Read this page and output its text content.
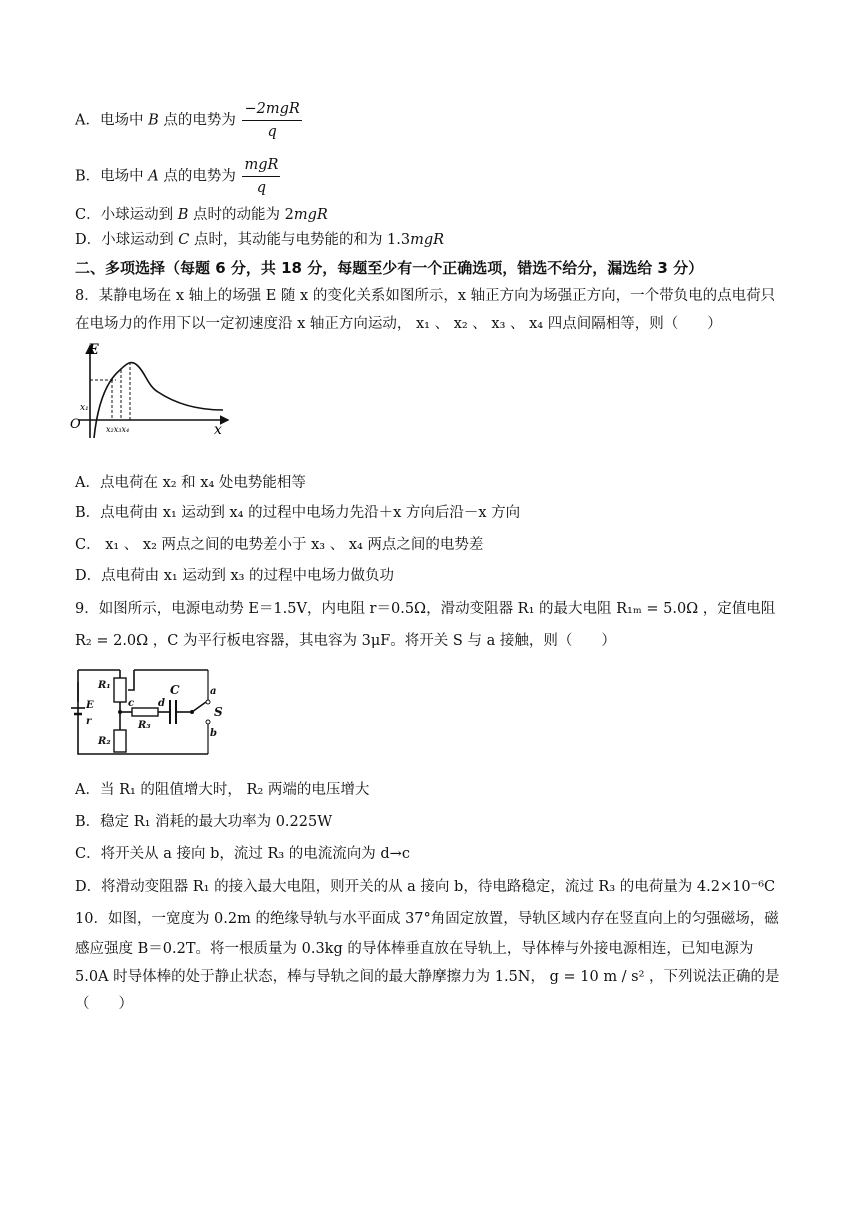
A．电场中 B 点的电势为 $\frac{\text{−2mgR}}{q}$
B．电场中 A 点的电势为 $\frac{\text{mgR}}{q}$
C．小球运动到 B 点时的动能为 2mgR
D．小球运动到 C 点时，其动能与电势能的和为 1.3mgR
二、多项选择（每题 6 分，共 18 分，每题至少有一个正确选项，错选不给分，漏选给 3 分）
8．某静电场在 x 轴上的场强 E 随 x 的变化关系如图所示，x 轴正方向为场强正方向，一个带负电的点电荷只
在电场力的作用下以一定初速度沿 x 轴正方向运动， x₁ 、 x₂ 、 x₃ 、 x₄ 四点间隔相等，则（　　）
E
O	x
x₁
x₂x₃x₄
A．点电荷在 x₂ 和 x₄ 处电势能相等
B．点电荷由 x₁ 运动到 x₄ 的过程中电场力先沿＋x 方向后沿－x 方向
C． x₁ 、 x₂ 两点之间的电势差小于 x₃ 、 x₄ 两点之间的电势差
D．点电荷由 x₁ 运动到 x₃ 的过程中电场力做负功
9．如图所示，电源电动势 E＝1.5V，内电阻 r＝0.5Ω，滑动变阻器 R₁ 的最大电阻 R₁ₘ = 5.0Ω ，定值电阻
R₂ = 2.0Ω ，C 为平行板电容器，其电容为 3μF。将开关 S 与 a 接触，则（　　）
R₁
R₂
R₃
E
r
C
c d
a
b
S
A．当 R₁ 的阻值增大时， R₂ 两端的电压增大
B．稳定 R₁ 消耗的最大功率为 0.225W
C．将开关从 a 接向 b，流过 R₃ 的电流流向为 d→c
D．将滑动变阻器 R₁ 的接入最大电阻，则开关的从 a 接向 b，待电路稳定，流过 R₃ 的电荷量为 4.2×10⁻⁶C
10．如图，一宽度为 0.2m 的绝缘导轨与水平面成 37°角固定放置，导轨区域内存在竖直向上的匀强磁场，磁
感应强度 B＝0.2T。将一根质量为 0.3kg 的导体棒垂直放在导轨上，导体棒与外接电源相连，已知电源为
5.0A 时导体棒的处于静止状态，棒与导轨之间的最大静摩擦力为 1.5N， g = 10 m / s² ，下列说法正确的是
（　　）
